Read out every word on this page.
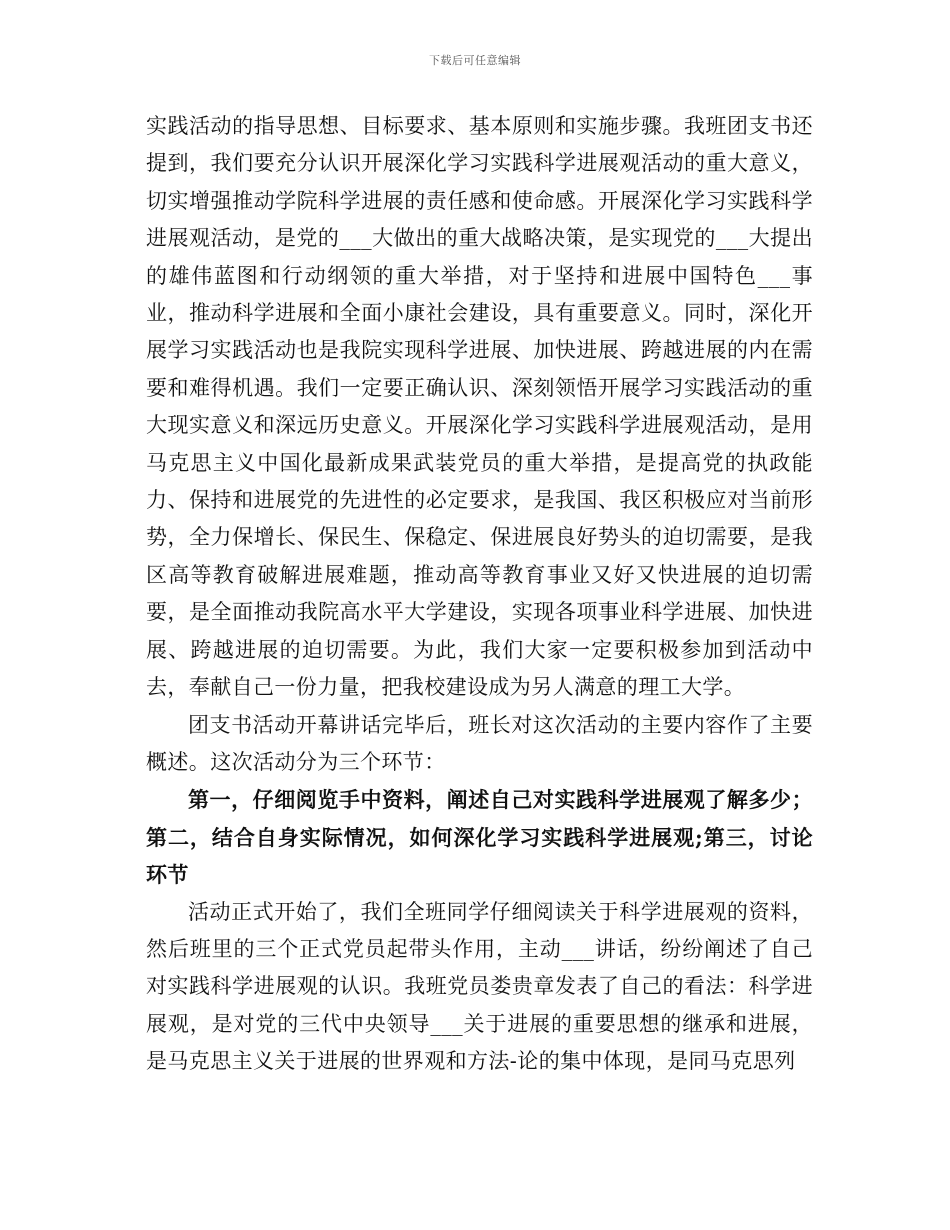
下载后可任意编辑

实践活动的指导思想、目标要求、基本原则和实施步骤。我班团支书还提到，我们要充分认识开展深化学习实践科学进展观活动的重大意义，切实增强推动学院科学进展的责任感和使命感。开展深化学习实践科学进展观活动，是党的___大做出的重大战略决策，是实现党的___大提出的雄伟蓝图和行动纲领的重大举措，对于坚持和进展中国特色___事业，推动科学进展和全面小康社会建设，具有重要意义。同时，深化开展学习实践活动也是我院实现科学进展、加快进展、跨越进展的内在需要和难得机遇。我们一定要正确认识、深刻领悟开展学习实践活动的重大现实意义和深远历史意义。开展深化学习实践科学进展观活动，是用马克思主义中国化最新成果武装党员的重大举措，是提高党的执政能力、保持和进展党的先进性的必定要求，是我国、我区积极应对当前形势，全力保增长、保民生、保稳定、保进展良好势头的迫切需要，是我区高等教育破解进展难题，推动高等教育事业又好又快进展的迫切需要，是全面推动我院高水平大学建设，实现各项事业科学进展、加快进展、跨越进展的迫切需要。为此，我们大家一定要积极参加到活动中去，奉献自己一份力量，把我校建设成为另人满意的理工大学。

团支书活动开幕讲话完毕后，班长对这次活动的主要内容作了主要概述。这次活动分为三个环节：

第一，仔细阅览手中资料，阐述自己对实践科学进展观了解多少；第二，结合自身实际情况，如何深化学习实践科学进展观;第三，讨论环节

活动正式开始了，我们全班同学仔细阅读关于科学进展观的资料，然后班里的三个正式党员起带头作用，主动___讲话，纷纷阐述了自己对实践科学进展观的认识。我班党员娄贵章发表了自己的看法：科学进展观，是对党的三代中央领导___关于进展的重要思想的继承和进展，是马克思主义关于进展的世界观和方法-论的集中体现，是同马克思列
